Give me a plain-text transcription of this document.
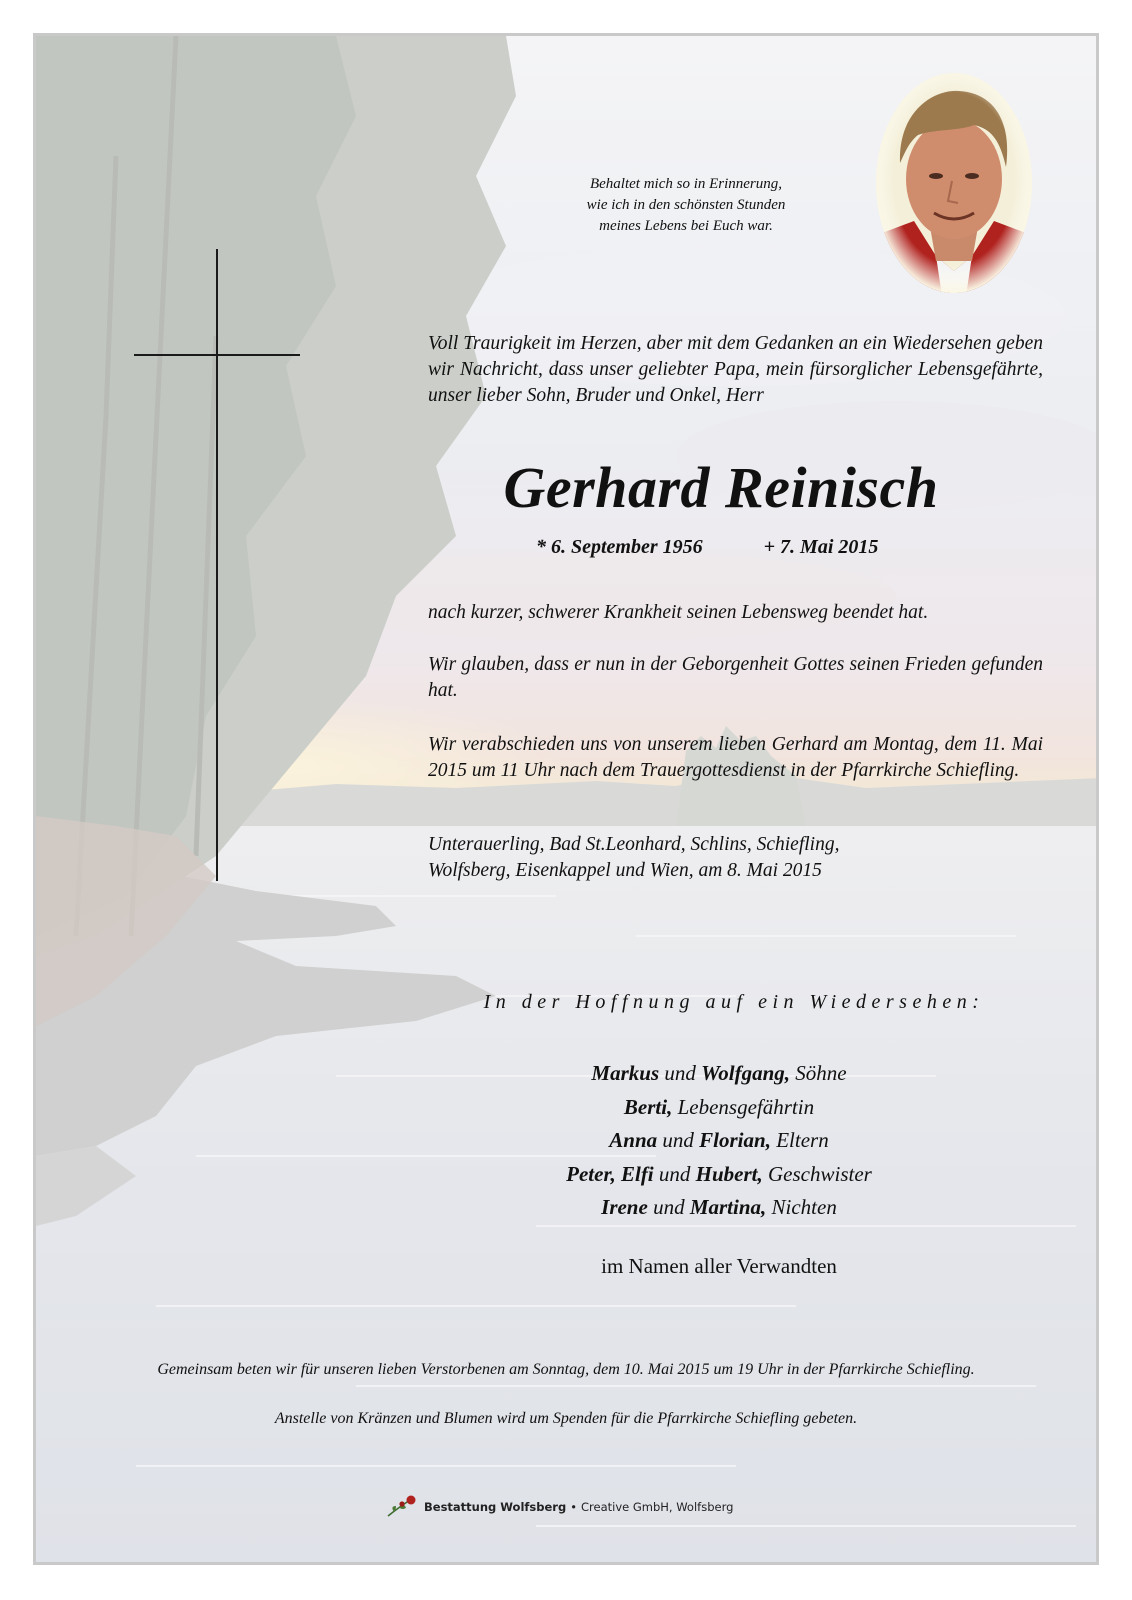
Behaltet mich so in Erinnerung,
wie ich in den schönsten Stunden
meines Lebens bei Euch war.
Voll Traurigkeit im Herzen, aber mit dem Gedanken an ein Wiedersehen geben wir Nachricht, dass unser geliebter Papa, mein fürsorglicher Lebensgefährte, unser lieber Sohn, Bruder und Onkel, Herr
Gerhard Reinisch
* 6. September 1956	+ 7. Mai 2015
nach kurzer, schwerer Krankheit seinen Lebensweg beendet hat.
Wir glauben, dass er nun in der Geborgenheit Gottes seinen Frieden gefunden hat.
Wir verabschieden uns von unserem lieben Gerhard am Montag, dem 11. Mai 2015 um 11 Uhr nach dem Trauergottesdienst in der Pfarrkirche Schiefling.
Unterauerling, Bad St.Leonhard, Schlins, Schiefling,
Wolfsberg, Eisenkappel und Wien, am 8. Mai 2015
In der Hoffnung auf ein Wiedersehen:
Markus und Wolfgang, Söhne
Berti, Lebensgefährtin
Anna und Florian, Eltern
Peter, Elfi und Hubert, Geschwister
Irene und Martina, Nichten
im Namen aller Verwandten
Gemeinsam beten wir für unseren lieben Verstorbenen am Sonntag, dem 10. Mai 2015 um 19 Uhr in der Pfarrkirche Schiefling.
Anstelle von Kränzen und Blumen wird um Spenden für die Pfarrkirche Schiefling gebeten.
Bestattung Wolfsberg • Creative GmbH, Wolfsberg
